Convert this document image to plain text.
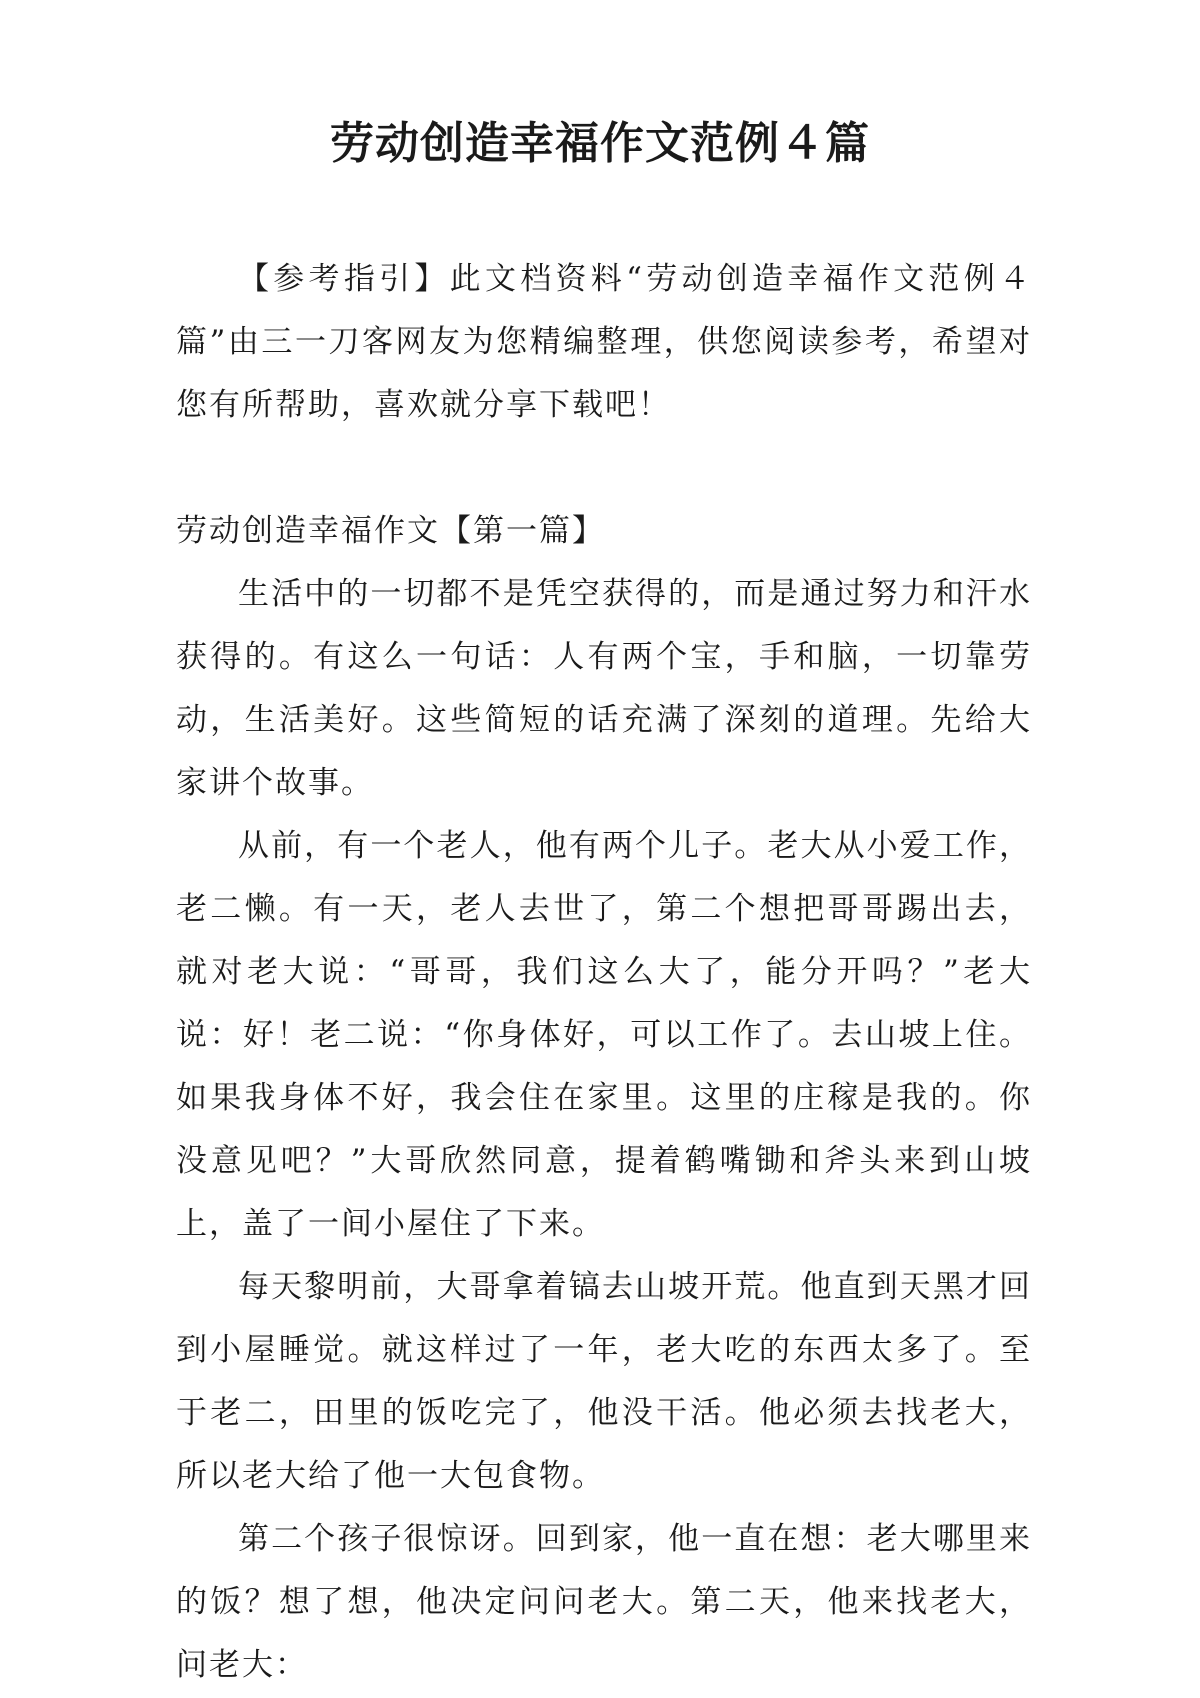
劳动创造幸福作文范例４篇

【参考指引】此文档资料“劳动创造幸福作文范例４篇”由三一刀客网友为您精编整理，供您阅读参考，希望对您有所帮助，喜欢就分享下载吧！

劳动创造幸福作文【第一篇】

生活中的一切都不是凭空获得的，而是通过努力和汗水获得的。有这么一句话：人有两个宝，手和脑，一切靠劳动，生活美好。这些简短的话充满了深刻的道理。先给大家讲个故事。

从前，有一个老人，他有两个儿子。老大从小爱工作，老二懒。有一天，老人去世了，第二个想把哥哥踢出去，就对老大说：“哥哥，我们这么大了，能分开吗？”老大说：好！老二说：“你身体好，可以工作了。去山坡上住。如果我身体不好，我会住在家里。这里的庄稼是我的。你没意见吧？”大哥欣然同意，提着鹤嘴锄和斧头来到山坡上，盖了一间小屋住了下来。

每天黎明前，大哥拿着镐去山坡开荒。他直到天黑才回到小屋睡觉。就这样过了一年，老大吃的东西太多了。至于老二，田里的饭吃完了，他没干活。他必须去找老大，所以老大给了他一大包食物。

第二个孩子很惊讶。回到家，他一直在想：老大哪里来的饭？想了想，他决定问问老大。第二天，他来找老大，问老大：
